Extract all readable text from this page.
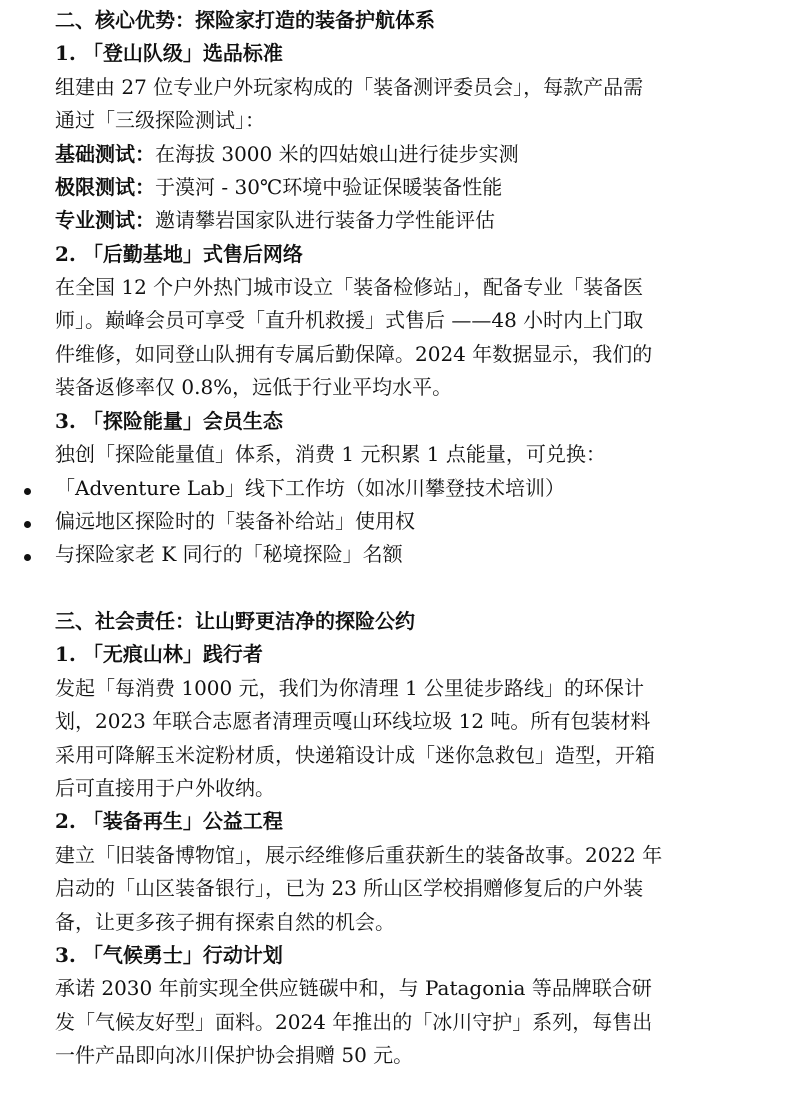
二、核心优势：探险家打造的装备护航体系
1. 「登山队级」选品标准
组建由 27 位专业户外玩家构成的「装备测评委员会」，每款产品需
通过「三级探险测试」：
基础测试：在海拔 3000 米的四姑娘山进行徒步实测
极限测试：于漠河 - 30℃环境中验证保暖装备性能
专业测试：邀请攀岩国家队进行装备力学性能评估
2. 「后勤基地」式售后网络
在全国 12 个户外热门城市设立「装备检修站」，配备专业「装备医
师」。巅峰会员可享受「直升机救援」式售后 ——48 小时内上门取
件维修，如同登山队拥有专属后勤保障。2024 年数据显示，我们的
装备返修率仅 0.8%，远低于行业平均水平。
3. 「探险能量」会员生态
独创「探险能量值」体系，消费 1 元积累 1 点能量，可兑换：
「Adventure Lab」线下工作坊（如冰川攀登技术培训）
偏远地区探险时的「装备补给站」使用权
与探险家老 K 同行的「秘境探险」名额
三、社会责任：让山野更洁净的探险公约
1. 「无痕山林」践行者
发起「每消费 1000 元，我们为你清理 1 公里徒步路线」的环保计
划，2023 年联合志愿者清理贡嘎山环线垃圾 12 吨。所有包装材料
采用可降解玉米淀粉材质，快递箱设计成「迷你急救包」造型，开箱
后可直接用于户外收纳。
2. 「装备再生」公益工程
建立「旧装备博物馆」，展示经维修后重获新生的装备故事。2022 年
启动的「山区装备银行」，已为 23 所山区学校捐赠修复后的户外装
备，让更多孩子拥有探索自然的机会。
3. 「气候勇士」行动计划
承诺 2030 年前实现全供应链碳中和，与 Patagonia 等品牌联合研
发「气候友好型」面料。2024 年推出的「冰川守护」系列，每售出
一件产品即向冰川保护协会捐赠 50 元。
